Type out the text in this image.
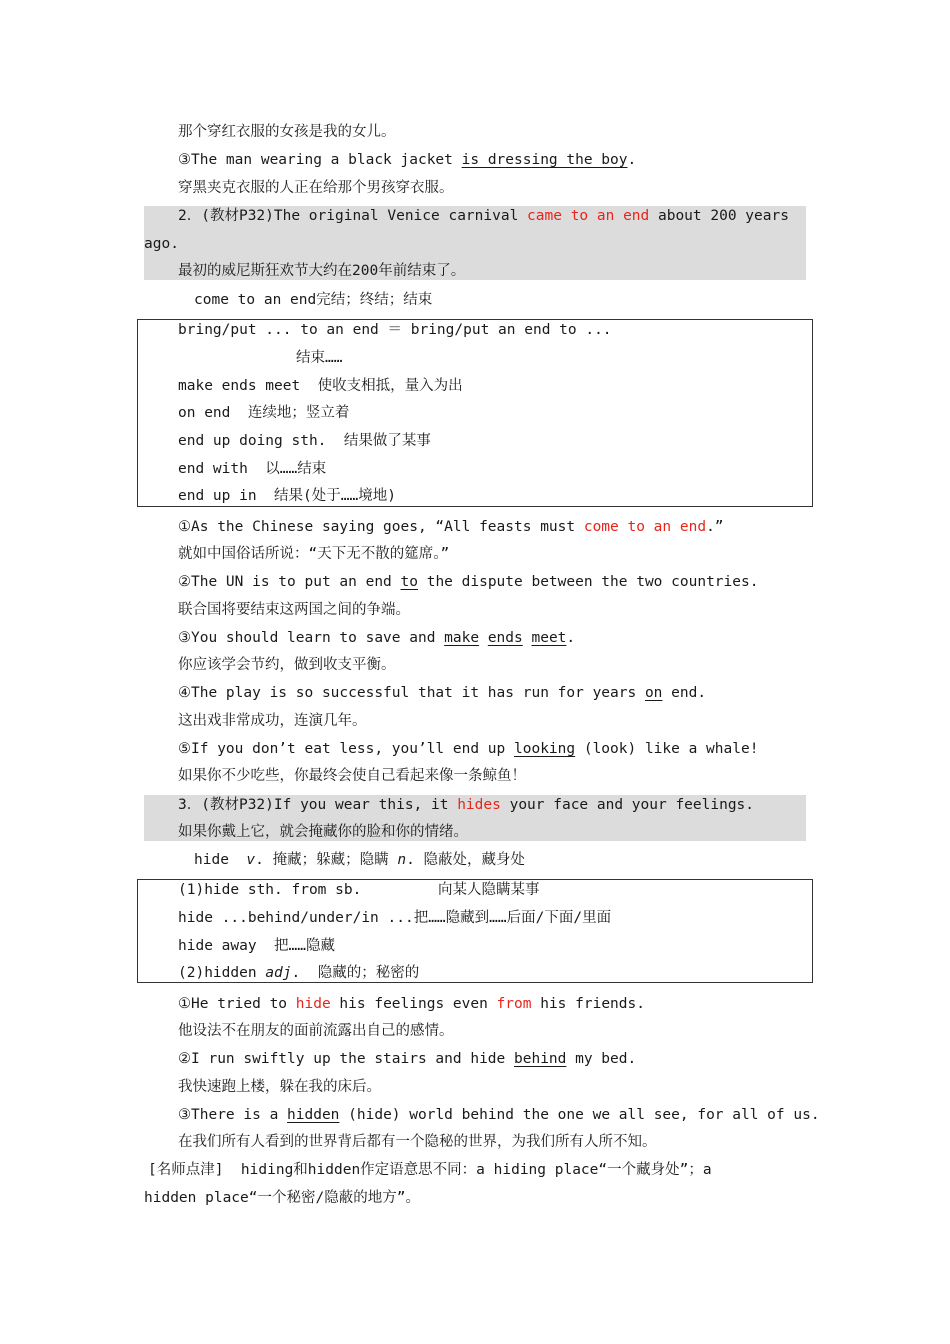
那个穿红衣服的女孩是我的女儿。
③The man wearing a black jacket is dressing the boy.
穿黑夹克衣服的人正在给那个男孩穿衣服。
2．(教材P32)The original Venice carnival came to an end about 200 years
ago.
最初的威尼斯狂欢节大约在200年前结束了。
come to an end完结；终结；结束
bring/put ... to an end ＝ bring/put an end to ...
结束……
make ends meet  使收支相抵，量入为出
on end  连续地；竖立着
end up doing sth.  结果做了某事
end with  以……结束
end up in  结果(处于……境地)
①As the Chinese saying goes, “All feasts must come to an end.”
就如中国俗话所说：“天下无不散的筵席。”
②The UN is to put an end to the dispute between the two countries.
联合国将要结束这两国之间的争端。
③You should learn to save and make ends meet.
你应该学会节约，做到收支平衡。
④The play is so successful that it has run for years on end.
这出戏非常成功，连演几年。
⑤If you don’t eat less, you’ll end up looking (look) like a whale!
如果你不少吃些，你最终会使自己看起来像一条鲸鱼！
3．(教材P32)If you wear this, it hides your face and your feelings.
如果你戴上它，就会掩藏你的脸和你的情绪。
hide  v. 掩藏；躲藏；隐瞒 n. 隐蔽处，藏身处
(1)hide sth. from sb.	向某人隐瞒某事
hide ...behind/under/in ...把……隐藏到……后面/下面/里面
hide away  把……隐藏
(2)hidden adj.  隐藏的；秘密的
①He tried to hide his feelings even from his friends.
他设法不在朋友的面前流露出自己的感情。
②I run swiftly up the stairs and hide behind my bed.
我快速跑上楼，躲在我的床后。
③There is a hidden (hide) world behind the one we all see, for all of us.
在我们所有人看到的世界背后都有一个隐秘的世界，为我们所有人所不知。
[名师点津]  hiding和hidden作定语意思不同：a hiding place“一个藏身处”；a
hidden place“一个秘密/隐蔽的地方”。
